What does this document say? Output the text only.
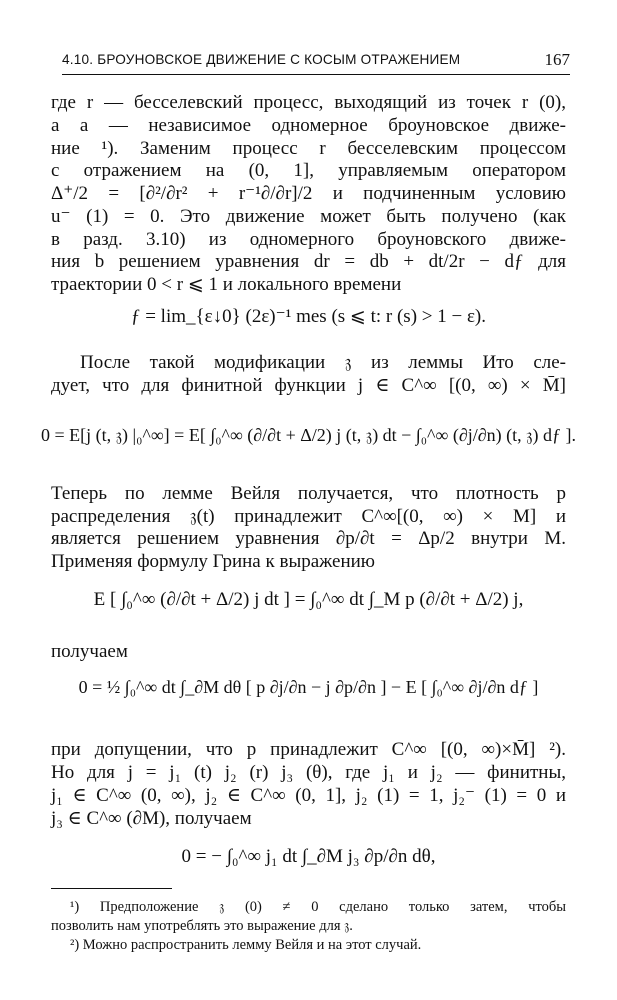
4.10. БРОУНОВСКОЕ ДВИЖЕНИЕ С КОСЫМ ОТРАЖЕНИЕМ	167
где r — бесселевский процесс, выходящий из точек r (0),
а a — независимое одномерное броуновское движе-
ние ¹). Заменим процесс r бесселевским процессом
с отражением на (0, 1], управляемым оператором
Δ⁺/2 = [∂²/∂r² + r⁻¹∂/∂r]/2 и подчиненным условию
u⁻ (1) = 0. Это движение может быть получено (как
в разд. 3.10) из одномерного броуновского движе-
ния b решением уравнения dr = db + dt/2r − dƒ для
траектории 0 < r ⩽ 1 и локального времени
ƒ = lim_{ε↓0} (2ε)⁻¹ mes (s ⩽ t: r (s) > 1 − ε).
После такой модификации 𝔷 из леммы Ито сле-
дует, что для финитной функции j ∈ C^∞ [(0, ∞) × M̄]
0 = E[j (t, 𝔷) |₀^∞] = E[ ∫₀^∞ (∂/∂t + Δ/2) j (t, 𝔷) dt − ∫₀^∞ (∂j/∂n) (t, 𝔷) dƒ ].
Теперь по лемме Вейля получается, что плотность p
распределения 𝔷(t) принадлежит C^∞[(0, ∞) × M] и
является решением уравнения ∂p/∂t = Δp/2 внутри M.
Применяя формулу Грина к выражению
E [ ∫₀^∞ (∂/∂t + Δ/2) j dt ] = ∫₀^∞ dt ∫_M p (∂/∂t + Δ/2) j,
получаем
0 = ½ ∫₀^∞ dt ∫_∂M dθ [ p ∂j/∂n − j ∂p/∂n ] − E [ ∫₀^∞ ∂j/∂n dƒ ]
при допущении, что p принадлежит C^∞ [(0, ∞)×M̄] ²).
Но для j = j₁ (t) j₂ (r) j₃ (θ), где j₁ и j₂ — финитны,
j₁ ∈ C^∞ (0, ∞), j₂ ∈ C^∞ (0, 1], j₂ (1) = 1, j₂⁻ (1) = 0 и
j₃ ∈ C^∞ (∂M), получаем
0 = − ∫₀^∞ j₁ dt ∫_∂M j₃ ∂p/∂n dθ,
¹) Предположение 𝔷 (0) ≠ 0 сделано только затем, чтобы
позволить нам употреблять это выражение для 𝔷.
²) Можно распространить лемму Вейля и на этот случай.
